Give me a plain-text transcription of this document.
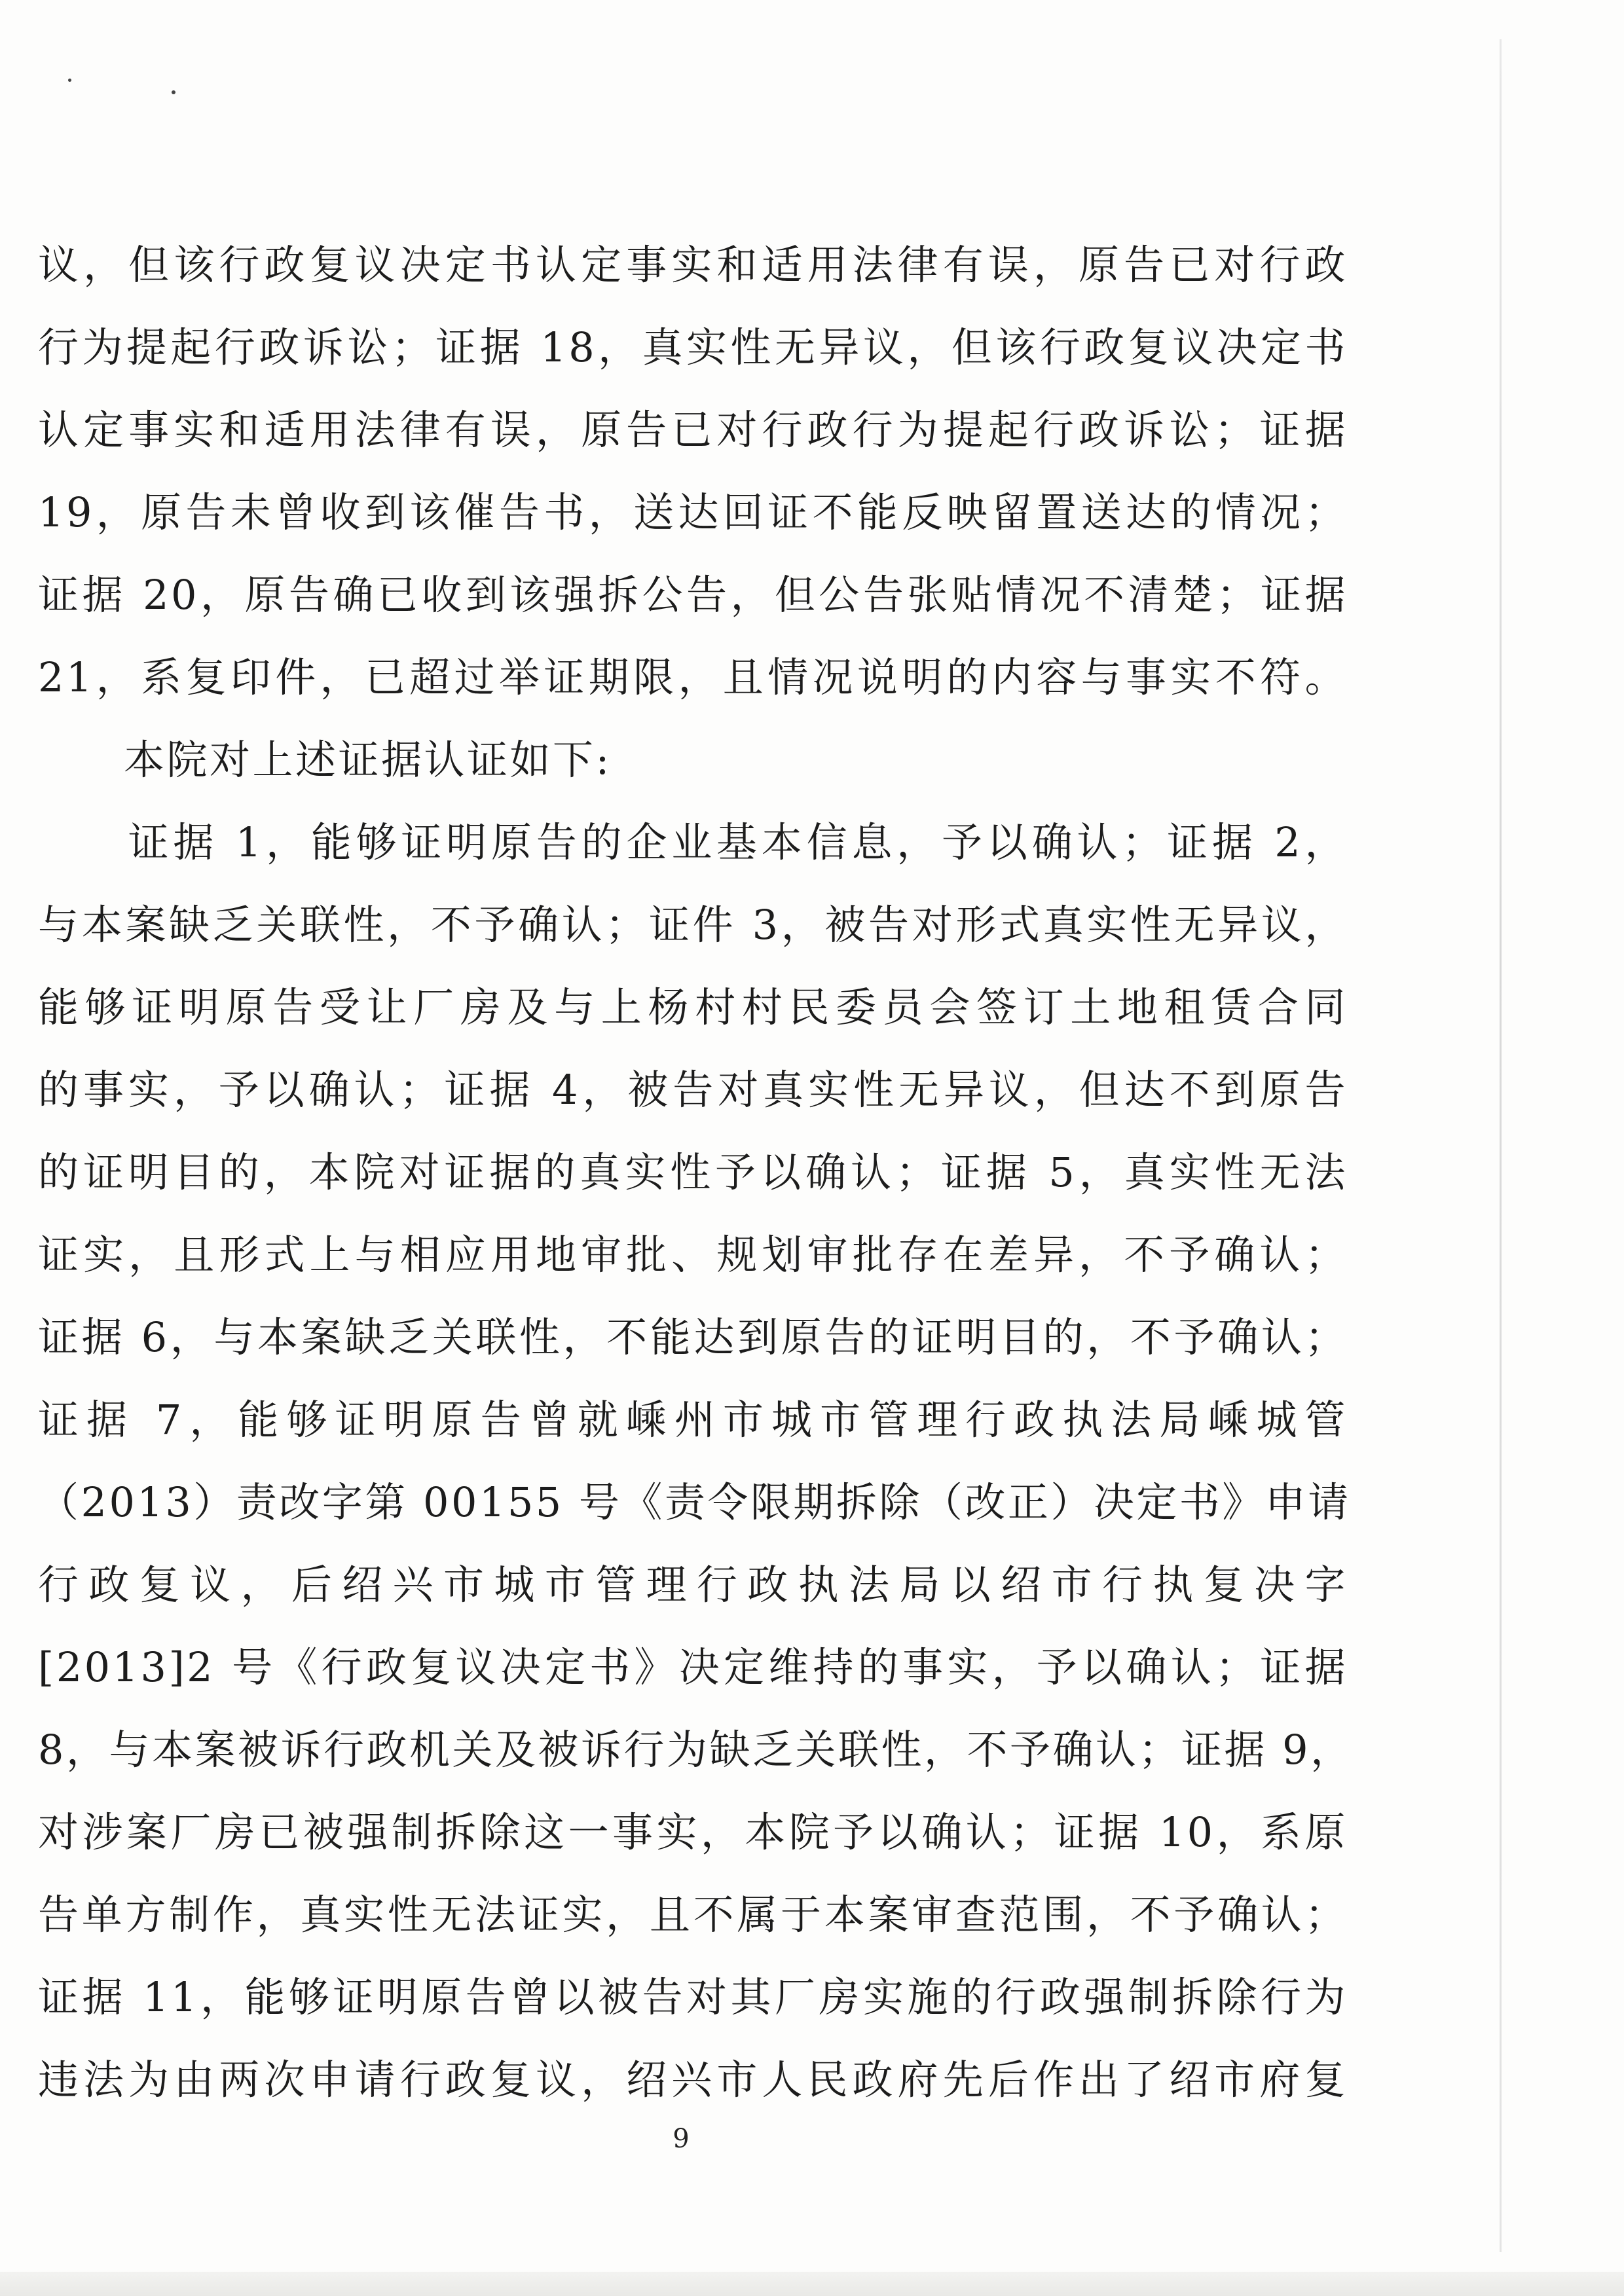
议，但该行政复议决定书认定事实和适用法律有误，原告已对行政
行为提起行政诉讼；证据 18，真实性无异议，但该行政复议决定书
认定事实和适用法律有误，原告已对行政行为提起行政诉讼；证据
19，原告未曾收到该催告书，送达回证不能反映留置送达的情况；
证据 20，原告确已收到该强拆公告，但公告张贴情况不清楚；证据
21，系复印件，已超过举证期限，且情况说明的内容与事实不符。
　　本院对上述证据认证如下:
　　证据 1，能够证明原告的企业基本信息，予以确认；证据 2，
与本案缺乏关联性，不予确认；证件 3，被告对形式真实性无异议，
能够证明原告受让厂房及与上杨村村民委员会签订土地租赁合同
的事实，予以确认；证据 4，被告对真实性无异议，但达不到原告
的证明目的，本院对证据的真实性予以确认；证据 5，真实性无法
证实，且形式上与相应用地审批、规划审批存在差异，不予确认；
证据 6，与本案缺乏关联性，不能达到原告的证明目的，不予确认；
证据 7，能够证明原告曾就嵊州市城市管理行政执法局嵊城管
（2013）责改字第 00155 号《责令限期拆除（改正）决定书》申请
行政复议，后绍兴市城市管理行政执法局以绍市行执复决字
[2013]2 号《行政复议决定书》决定维持的事实，予以确认；证据
8，与本案被诉行政机关及被诉行为缺乏关联性，不予确认；证据 9，
对涉案厂房已被强制拆除这一事实，本院予以确认；证据 10，系原
告单方制作，真实性无法证实，且不属于本案审查范围，不予确认；
证据 11，能够证明原告曾以被告对其厂房实施的行政强制拆除行为
违法为由两次申请行政复议，绍兴市人民政府先后作出了绍市府复
9
